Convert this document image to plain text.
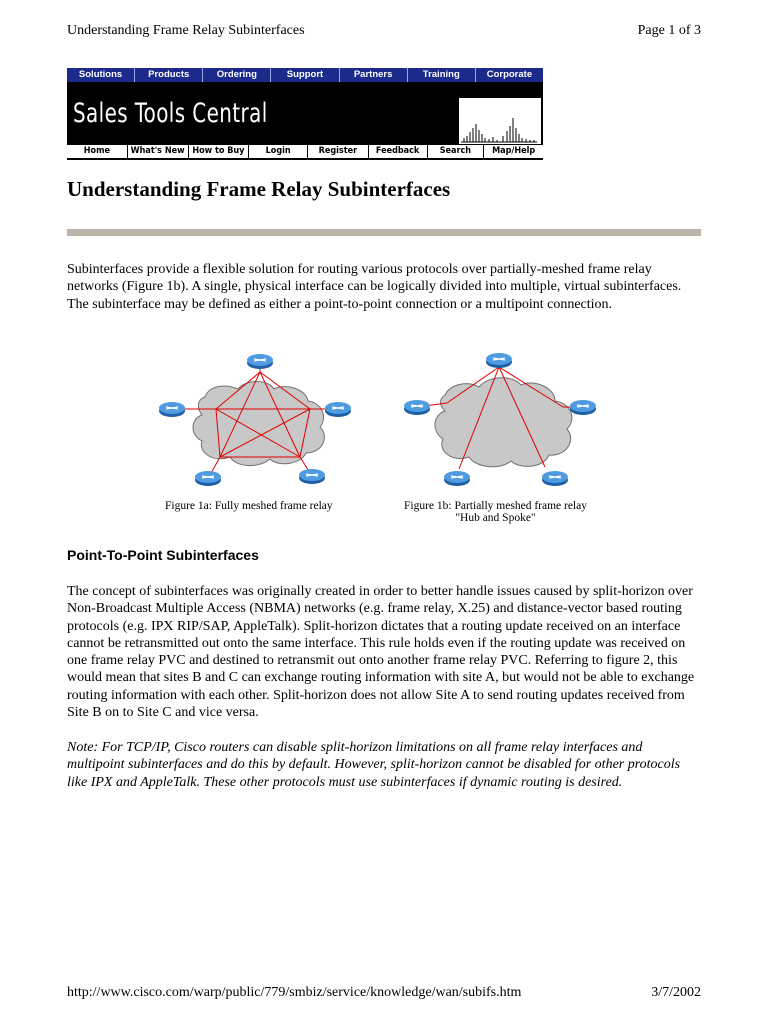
Understanding Frame Relay Subinterfaces	Page 1 of 3
Solutions	Products	Ordering	Support	Partners	Training	Corporate
Sales Tools Central
Home	What's New How to Buy	Login	Register	Feedback	Search	Map/Help
Understanding Frame Relay Subinterfaces

Subinterfaces provide a flexible solution for routing various protocols over partially-meshed frame relay networks (Figure 1b). A single, physical interface can be logically divided into multiple, virtual subinterfaces. The subinterface may be defined as either a point-to-point connection or a multipoint connection.

Figure 1a: Fully meshed frame relay	Figure 1b: Partially meshed frame relay
"Hub and Spoke"
Point-To-Point Subinterfaces

The concept of subinterfaces was originally created in order to better handle issues caused by split-horizon over Non-Broadcast Multiple Access (NBMA) networks (e.g. frame relay, X.25) and distance-vector based routing protocols (e.g. IPX RIP/SAP, AppleTalk). Split-horizon dictates that a routing update received on an interface cannot be retransmitted out onto the same interface. This rule holds even if the routing update was received on one frame relay PVC and destined to retransmit out onto another frame relay PVC. Referring to figure 2, this would mean that sites B and C can exchange routing information with site A, but would not be able to exchange routing information with each other. Split-horizon does not allow Site A to send routing updates received from Site B on to Site C and vice versa.

Note: For TCP/IP, Cisco routers can disable split-horizon limitations on all frame relay interfaces and multipoint subinterfaces and do this by default. However, split-horizon cannot be disabled for other protocols like IPX and AppleTalk. These other protocols must use subinterfaces if dynamic routing is desired.

http://www.cisco.com/warp/public/779/smbiz/service/knowledge/wan/subifs.htm	3/7/2002
